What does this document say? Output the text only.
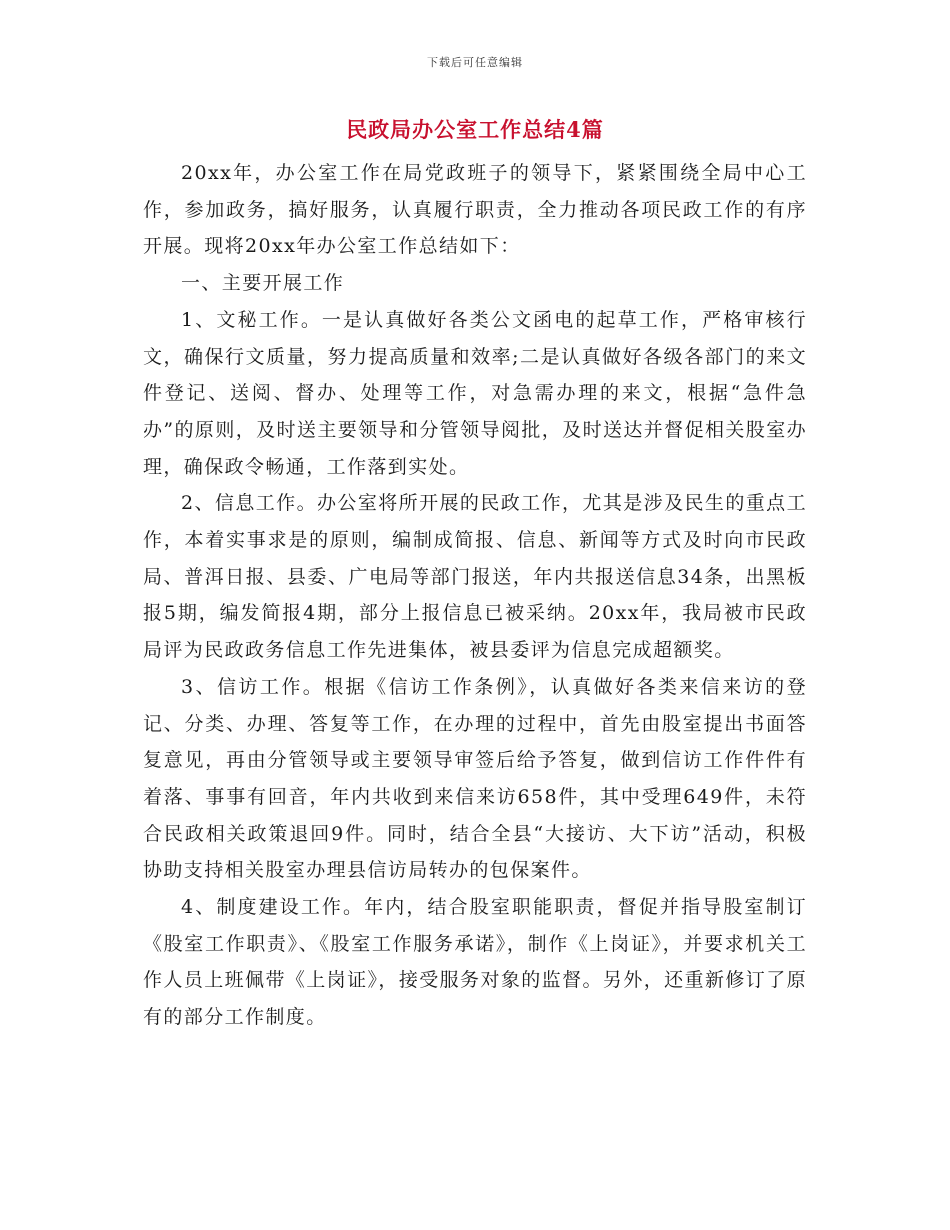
下载后可任意编辑
民政局办公室工作总结4篇

20xx年，办公室工作在局党政班子的领导下，紧紧围绕全局中心工作，参加政务，搞好服务，认真履行职责，全力推动各项民政工作的有序开展。现将20xx年办公室工作总结如下：

一、主要开展工作

1、文秘工作。一是认真做好各类公文函电的起草工作，严格审核行文，确保行文质量，努力提高质量和效率;二是认真做好各级各部门的来文件登记、送阅、督办、处理等工作，对急需办理的来文，根据“急件急办”的原则，及时送主要领导和分管领导阅批，及时送达并督促相关股室办理，确保政令畅通，工作落到实处。

2、信息工作。办公室将所开展的民政工作，尤其是涉及民生的重点工作，本着实事求是的原则，编制成简报、信息、新闻等方式及时向市民政局、普洱日报、县委、广电局等部门报送，年内共报送信息34条，出黑板报5期，编发简报4期，部分上报信息已被采纳。20xx年，我局被市民政局评为民政政务信息工作先进集体，被县委评为信息完成超额奖。

3、信访工作。根据《信访工作条例》，认真做好各类来信来访的登记、分类、办理、答复等工作，在办理的过程中，首先由股室提出书面答复意见，再由分管领导或主要领导审签后给予答复，做到信访工作件件有着落、事事有回音，年内共收到来信来访658件，其中受理649件，未符合民政相关政策退回9件。同时，结合全县“大接访、大下访”活动，积极协助支持相关股室办理县信访局转办的包保案件。

4、制度建设工作。年内，结合股室职能职责，督促并指导股室制订《股室工作职责》、《股室工作服务承诺》，制作《上岗证》，并要求机关工作人员上班佩带《上岗证》，接受服务对象的监督。另外，还重新修订了原有的部分工作制度。
